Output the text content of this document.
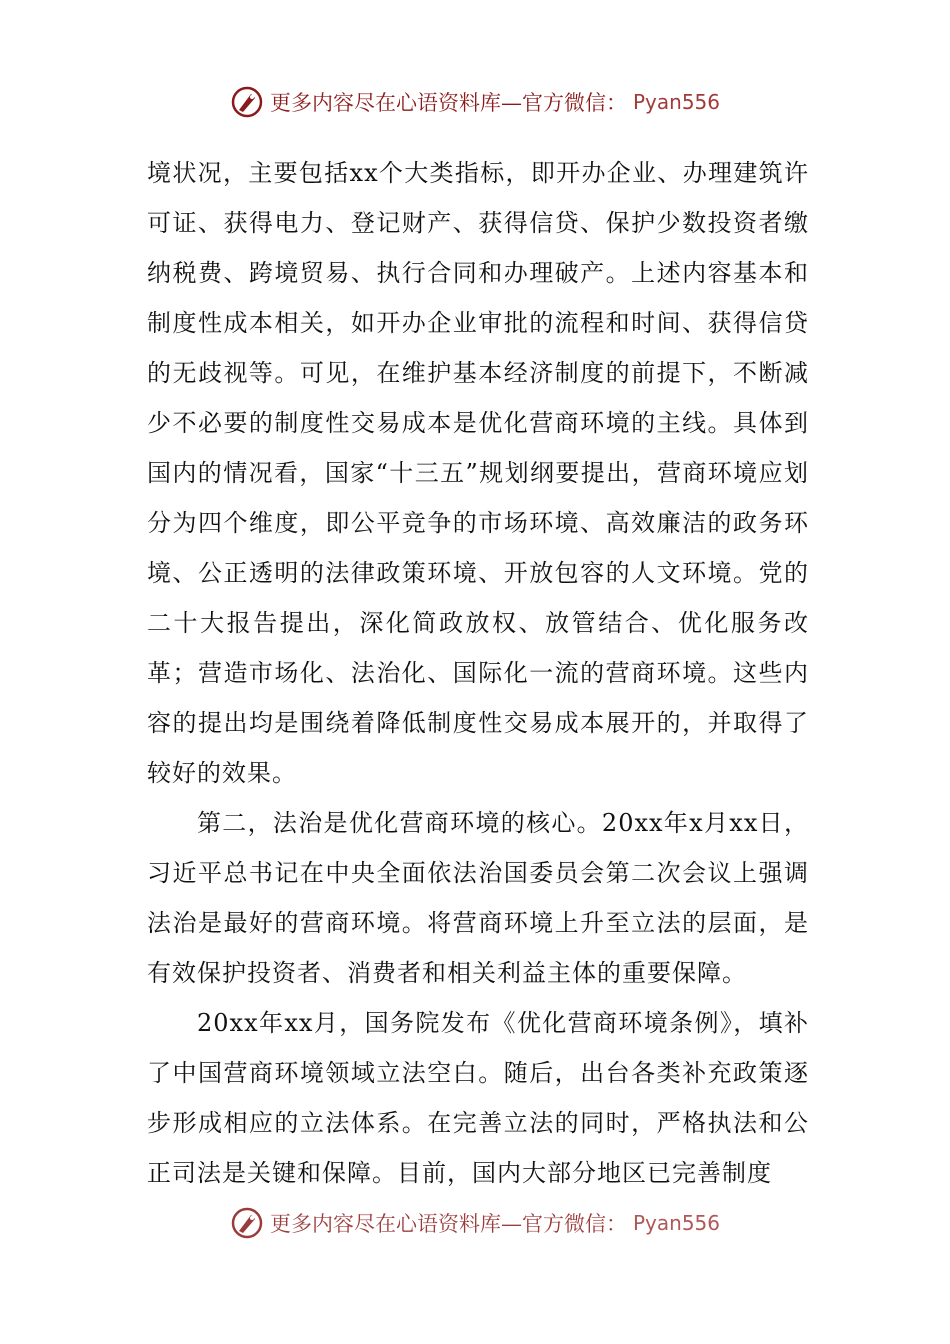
更多内容尽在心语资料库—官方微信： Pyan556

境状况，主要包括xx个大类指标，即开办企业、办理建筑许可证、获得电力、登记财产、获得信贷、保护少数投资者缴纳税费、跨境贸易、执行合同和办理破产。上述内容基本和制度性成本相关，如开办企业审批的流程和时间、获得信贷的无歧视等。可见，在维护基本经济制度的前提下，不断减少不必要的制度性交易成本是优化营商环境的主线。具体到国内的情况看，国家“十三五”规划纲要提出，营商环境应划分为四个维度，即公平竞争的市场环境、高效廉洁的政务环境、公正透明的法律政策环境、开放包容的人文环境。党的二十大报告提出，深化简政放权、放管结合、优化服务改革；营造市场化、法治化、国际化一流的营商环境。这些内容的提出均是围绕着降低制度性交易成本展开的，并取得了较好的效果。

第二，法治是优化营商环境的核心。20xx年x月xx日，习近平总书记在中央全面依法治国委员会第二次会议上强调法治是最好的营商环境。将营商环境上升至立法的层面，是有效保护投资者、消费者和相关利益主体的重要保障。

20xx年xx月，国务院发布《优化营商环境条例》，填补了中国营商环境领域立法空白。随后，出台各类补充政策逐步形成相应的立法体系。在完善立法的同时，严格执法和公正司法是关键和保障。目前，国内大部分地区已完善制度

更多内容尽在心语资料库—官方微信： Pyan556
